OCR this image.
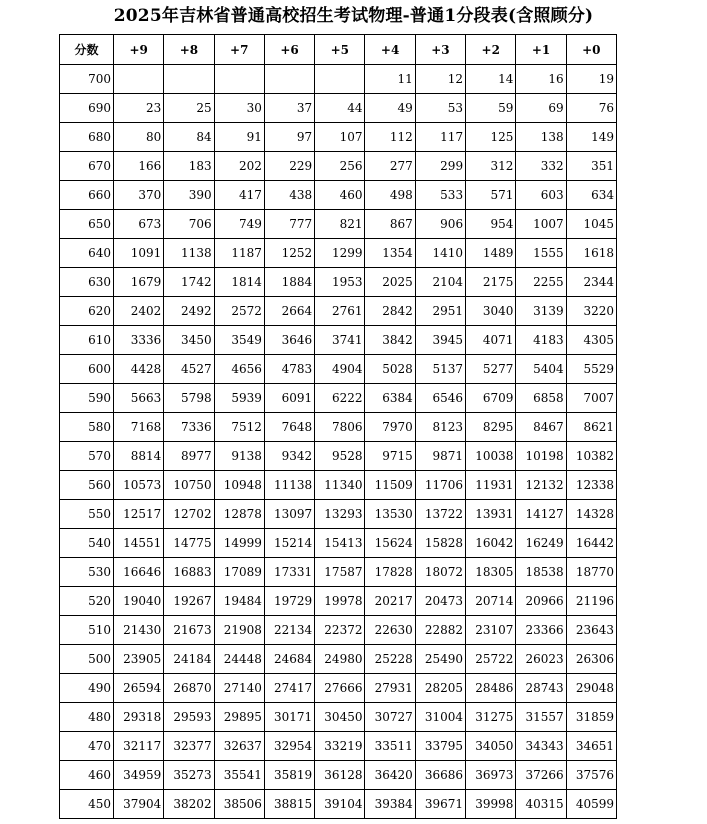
2025年吉林省普通高校招生考试物理-普通1分段表(含照顾分)
分数	+9	+8	+7	+6	+5	+4	+3	+2	+1	+0
700						11	12	14	16	19
690	23	25	30	37	44	49	53	59	69	76
680	80	84	91	97	107	112	117	125	138	149
670	166	183	202	229	256	277	299	312	332	351
660	370	390	417	438	460	498	533	571	603	634
650	673	706	749	777	821	867	906	954	1007	1045
640	1091	1138	1187	1252	1299	1354	1410	1489	1555	1618
630	1679	1742	1814	1884	1953	2025	2104	2175	2255	2344
620	2402	2492	2572	2664	2761	2842	2951	3040	3139	3220
610	3336	3450	3549	3646	3741	3842	3945	4071	4183	4305
600	4428	4527	4656	4783	4904	5028	5137	5277	5404	5529
590	5663	5798	5939	6091	6222	6384	6546	6709	6858	7007
580	7168	7336	7512	7648	7806	7970	8123	8295	8467	8621
570	8814	8977	9138	9342	9528	9715	9871	10038	10198	10382
560	10573	10750	10948	11138	11340	11509	11706	11931	12132	12338
550	12517	12702	12878	13097	13293	13530	13722	13931	14127	14328
540	14551	14775	14999	15214	15413	15624	15828	16042	16249	16442
530	16646	16883	17089	17331	17587	17828	18072	18305	18538	18770
520	19040	19267	19484	19729	19978	20217	20473	20714	20966	21196
510	21430	21673	21908	22134	22372	22630	22882	23107	23366	23643
500	23905	24184	24448	24684	24980	25228	25490	25722	26023	26306
490	26594	26870	27140	27417	27666	27931	28205	28486	28743	29048
480	29318	29593	29895	30171	30450	30727	31004	31275	31557	31859
470	32117	32377	32637	32954	33219	33511	33795	34050	34343	34651
460	34959	35273	35541	35819	36128	36420	36686	36973	37266	37576
450	37904	38202	38506	38815	39104	39384	39671	39998	40315	40599
